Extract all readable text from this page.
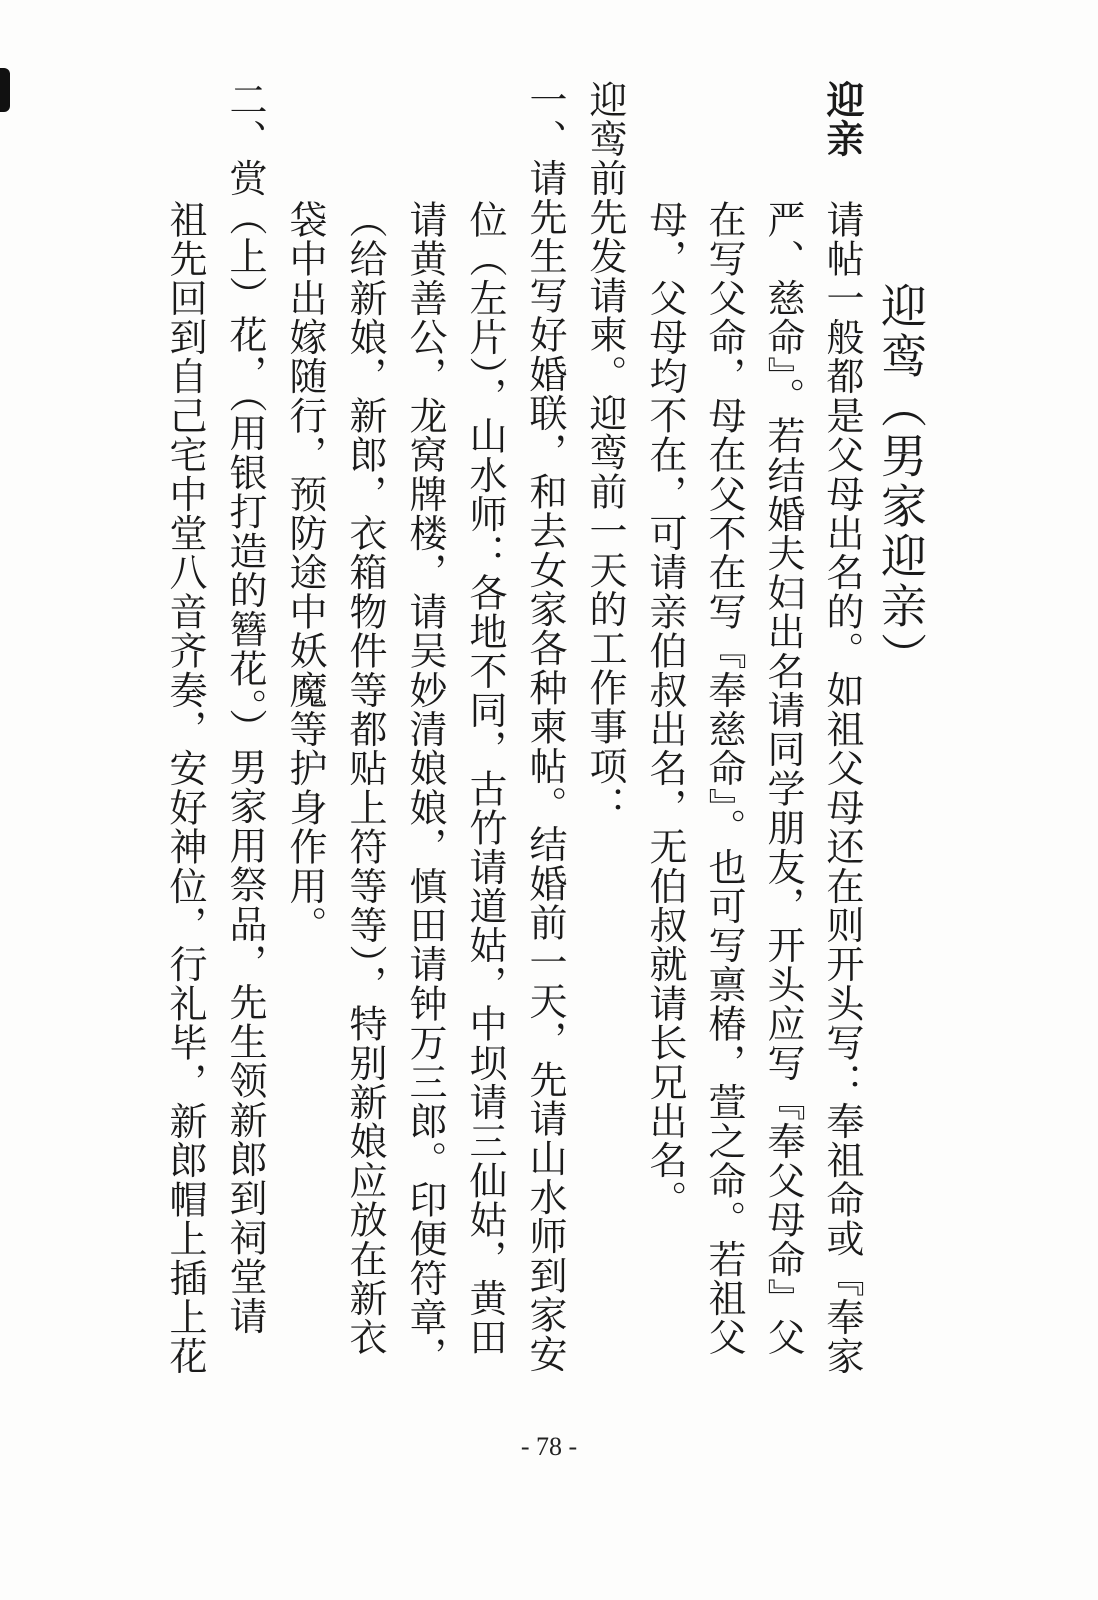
迎鸾（男家迎亲）
迎亲
请帖一般都是父母出名的。如祖父母还在则开头写：奉祖命或『奉家
严、慈命』。若结婚夫妇出名请同学朋友，开头应写『奉父母命』父
在写父命，母在父不在写『奉慈命』。也可写禀椿，萱之命。若祖父
母，父母均不在，可请亲伯叔出名，无伯叔就请长兄出名。
迎鸾前先发请柬。迎鸾前一天的工作事项：
一、请先生写好婚联，和去女家各种柬帖。结婚前一天，先请山水师到家安
位（左片），山水师：各地不同，古竹请道姑，中坝请三仙姑，黄田
请黄善公，龙窝牌楼，请吴妙清娘娘，慎田请钟万三郎。印便符章，
（给新娘，新郎，衣箱物件等都贴上符等等），特别新娘应放在新衣
袋中出嫁随行，预防途中妖魔等护身作用。
二、赏（上）花，（用银打造的簪花。）男家用祭品，先生领新郎到祠堂请
祖先回到自己宅中堂八音齐奏，安好神位，行礼毕，新郎帽上插上花
- 78 -
